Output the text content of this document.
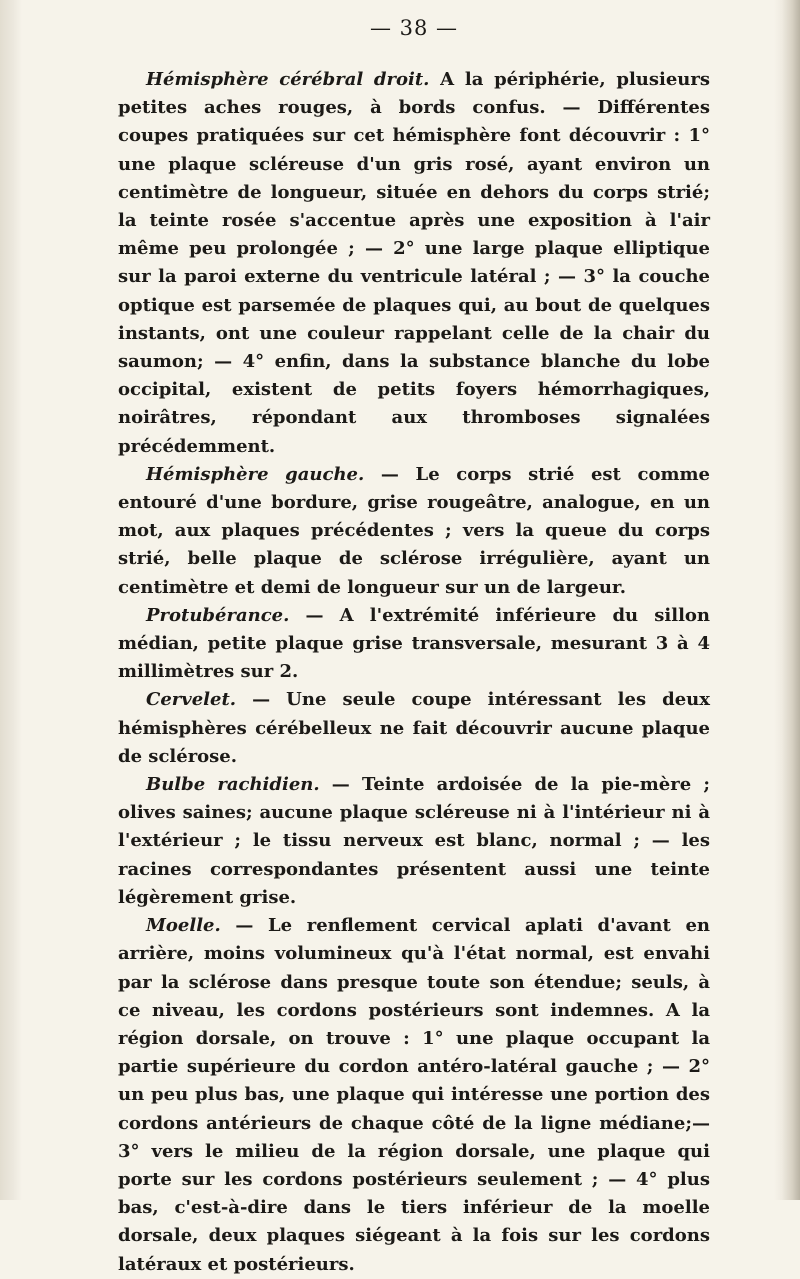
— 38 —

Hémisphère cérébral droit. A la périphérie, plusieurs petites aches rouges, à bords confus. — Différentes coupes pratiquées sur cet hémisphère font découvrir : 1° une plaque scléreuse d'un gris rosé, ayant environ un centimètre de longueur, située en dehors du corps strié; la teinte rosée s'accentue après une exposition à l'air même peu prolongée ; — 2° une large plaque elliptique sur la paroi externe du ventricule latéral ; — 3° la couche optique est parsemée de plaques qui, au bout de quelques instants, ont une couleur rappelant celle de la chair du saumon; — 4° enfin, dans la substance blanche du lobe occipital, existent de petits foyers hémorrhagiques, noirâtres, répondant aux thromboses signalées précédemment.

Hémisphère gauche. — Le corps strié est comme entouré d'une bordure, grise rougeâtre, analogue, en un mot, aux plaques précédentes ; vers la queue du corps strié, belle plaque de sclérose irrégulière, ayant un centimètre et demi de longueur sur un de largeur.

Protubérance. — A l'extrémité inférieure du sillon médian, petite plaque grise transversale, mesurant 3 à 4 millimètres sur 2.

Cervelet. — Une seule coupe intéressant les deux hémisphères cérébelleux ne fait découvrir aucune plaque de sclérose.

Bulbe rachidien. — Teinte ardoisée de la pie-mère ; olives saines; aucune plaque scléreuse ni à l'intérieur ni à l'extérieur ; le tissu nerveux est blanc, normal ; — les racines correspondantes présentent aussi une teinte légèrement grise.

Moelle. — Le renflement cervical aplati d'avant en arrière, moins volumineux qu'à l'état normal, est envahi par la sclérose dans presque toute son étendue; seuls, à ce niveau, les cordons postérieurs sont indemnes. A la région dorsale, on trouve : 1° une plaque occupant la partie supérieure du cordon antéro-latéral gauche ; — 2° un peu plus bas, une plaque qui intéresse une portion des cordons antérieurs de chaque côté de la ligne médiane;—3° vers le milieu de la région dorsale, une plaque qui porte sur les cordons postérieurs seulement ; — 4° plus bas, c'est-à-dire dans le tiers inférieur de la moelle dorsale, deux plaques siégeant à la fois sur les cordons latéraux et postérieurs.
